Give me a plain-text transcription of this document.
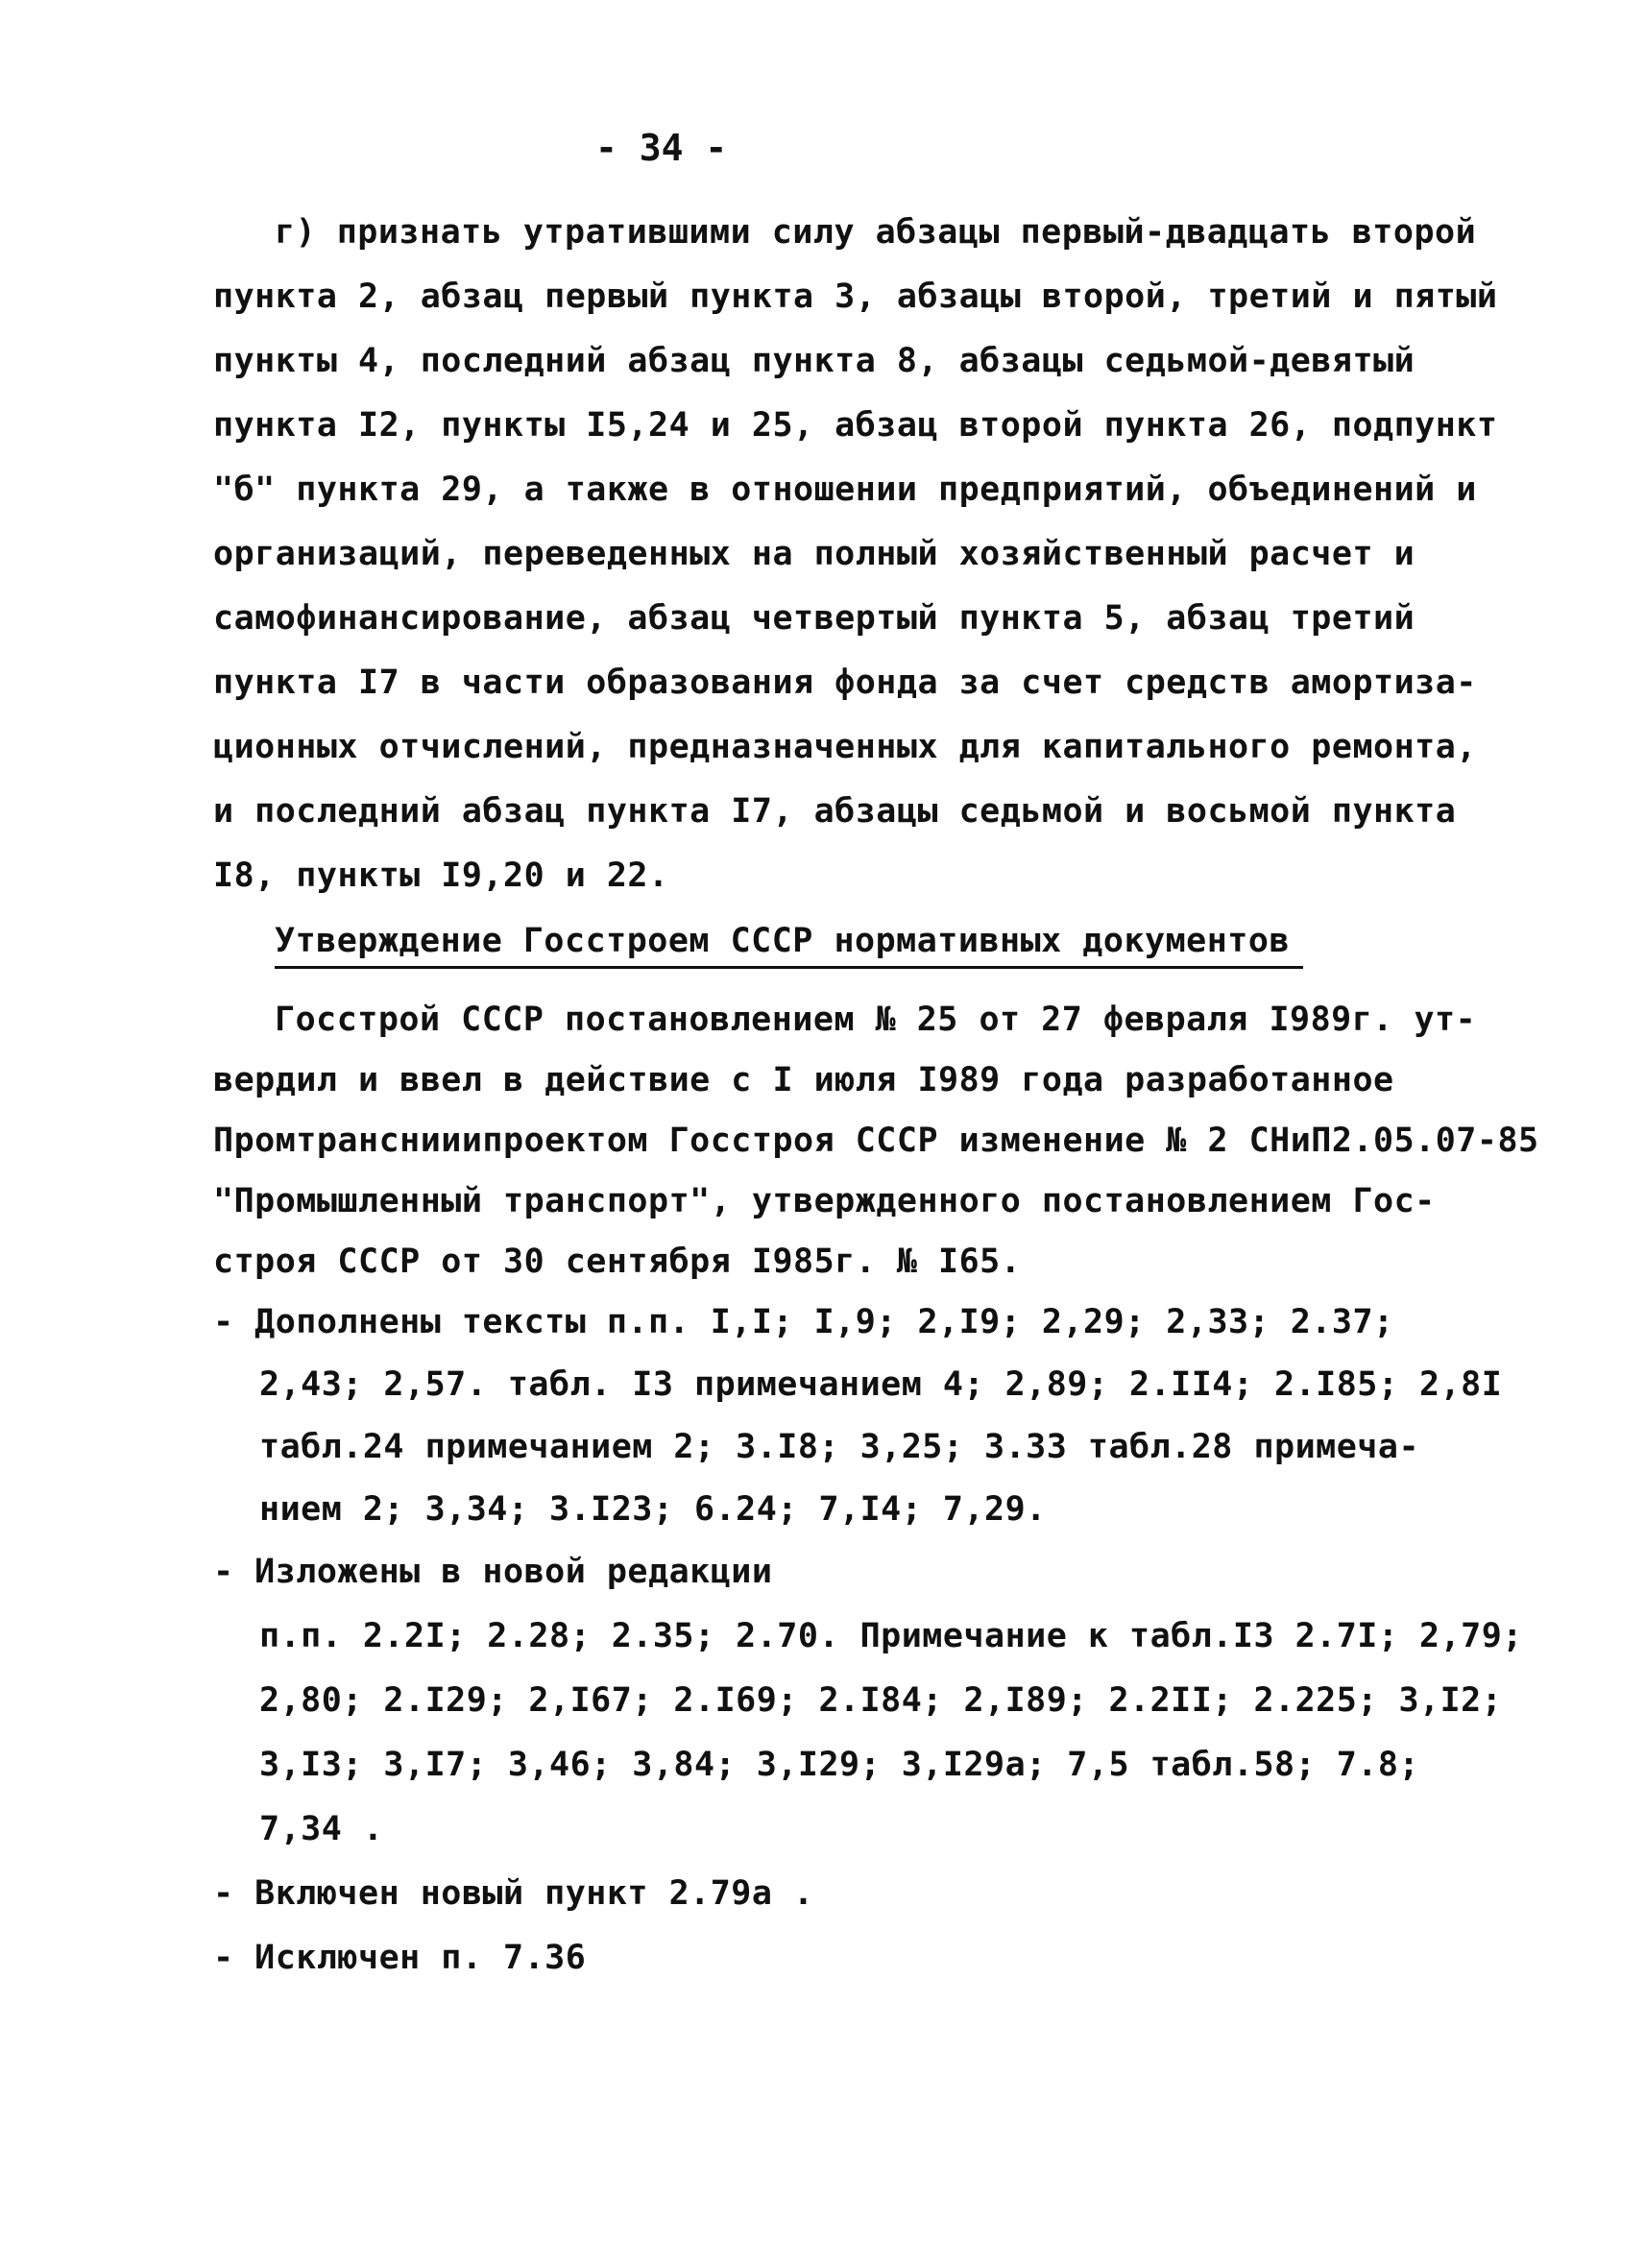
- 34 -
г) признать утратившими силу абзацы первый-двадцать второй
пункта 2, абзац первый пункта 3, абзацы второй, третий и пятый
пункты 4, последний абзац пункта 8, абзацы седьмой-девятый
пункта I2, пункты I5,24 и 25, абзац второй пункта 26, подпункт
"б" пункта 29, а также в отношении предприятий, объединений и
организаций, переведенных на полный хозяйственный расчет и
самофинансирование, абзац четвертый пункта 5, абзац третий
пункта I7 в части образования фонда за счет средств амортиза-
ционных отчислений, предназначенных для капитального ремонта,
и последний абзац пункта I7, абзацы седьмой и восьмой пункта
I8, пункты I9,20 и 22.
Утверждение Госстроем СССР нормативных документов
Госстрой СССР постановлением № 25 от 27 февраля I989г. ут-
вердил и ввел в действие с I июля I989 года разработанное
Промтранснииипроектом Госстроя СССР изменение № 2 СНиП2.05.07-85
"Промышленный транспорт", утвержденного постановлением Гос-
строя СССР от 30 сентября I985г. № I65.
- Дополнены тексты п.п. I,I; I,9; 2,I9; 2,29; 2,33; 2.37;
2,43; 2,57. табл. I3 примечанием 4; 2,89; 2.II4; 2.I85; 2,8I
табл.24 примечанием 2; 3.I8; 3,25; 3.33 табл.28 примеча-
нием 2; 3,34; 3.I23; 6.24; 7,I4; 7,29.
- Изложены в новой редакции
п.п. 2.2I; 2.28; 2.35; 2.70. Примечание к табл.I3 2.7I; 2,79;
2,80; 2.I29; 2,I67; 2.I69; 2.I84; 2,I89; 2.2II; 2.225; 3,I2;
3,I3; 3,I7; 3,46; 3,84; 3,I29; 3,I29а; 7,5 табл.58; 7.8;
7,34 .
- Включен новый пункт 2.79а .
- Исключен п. 7.36
